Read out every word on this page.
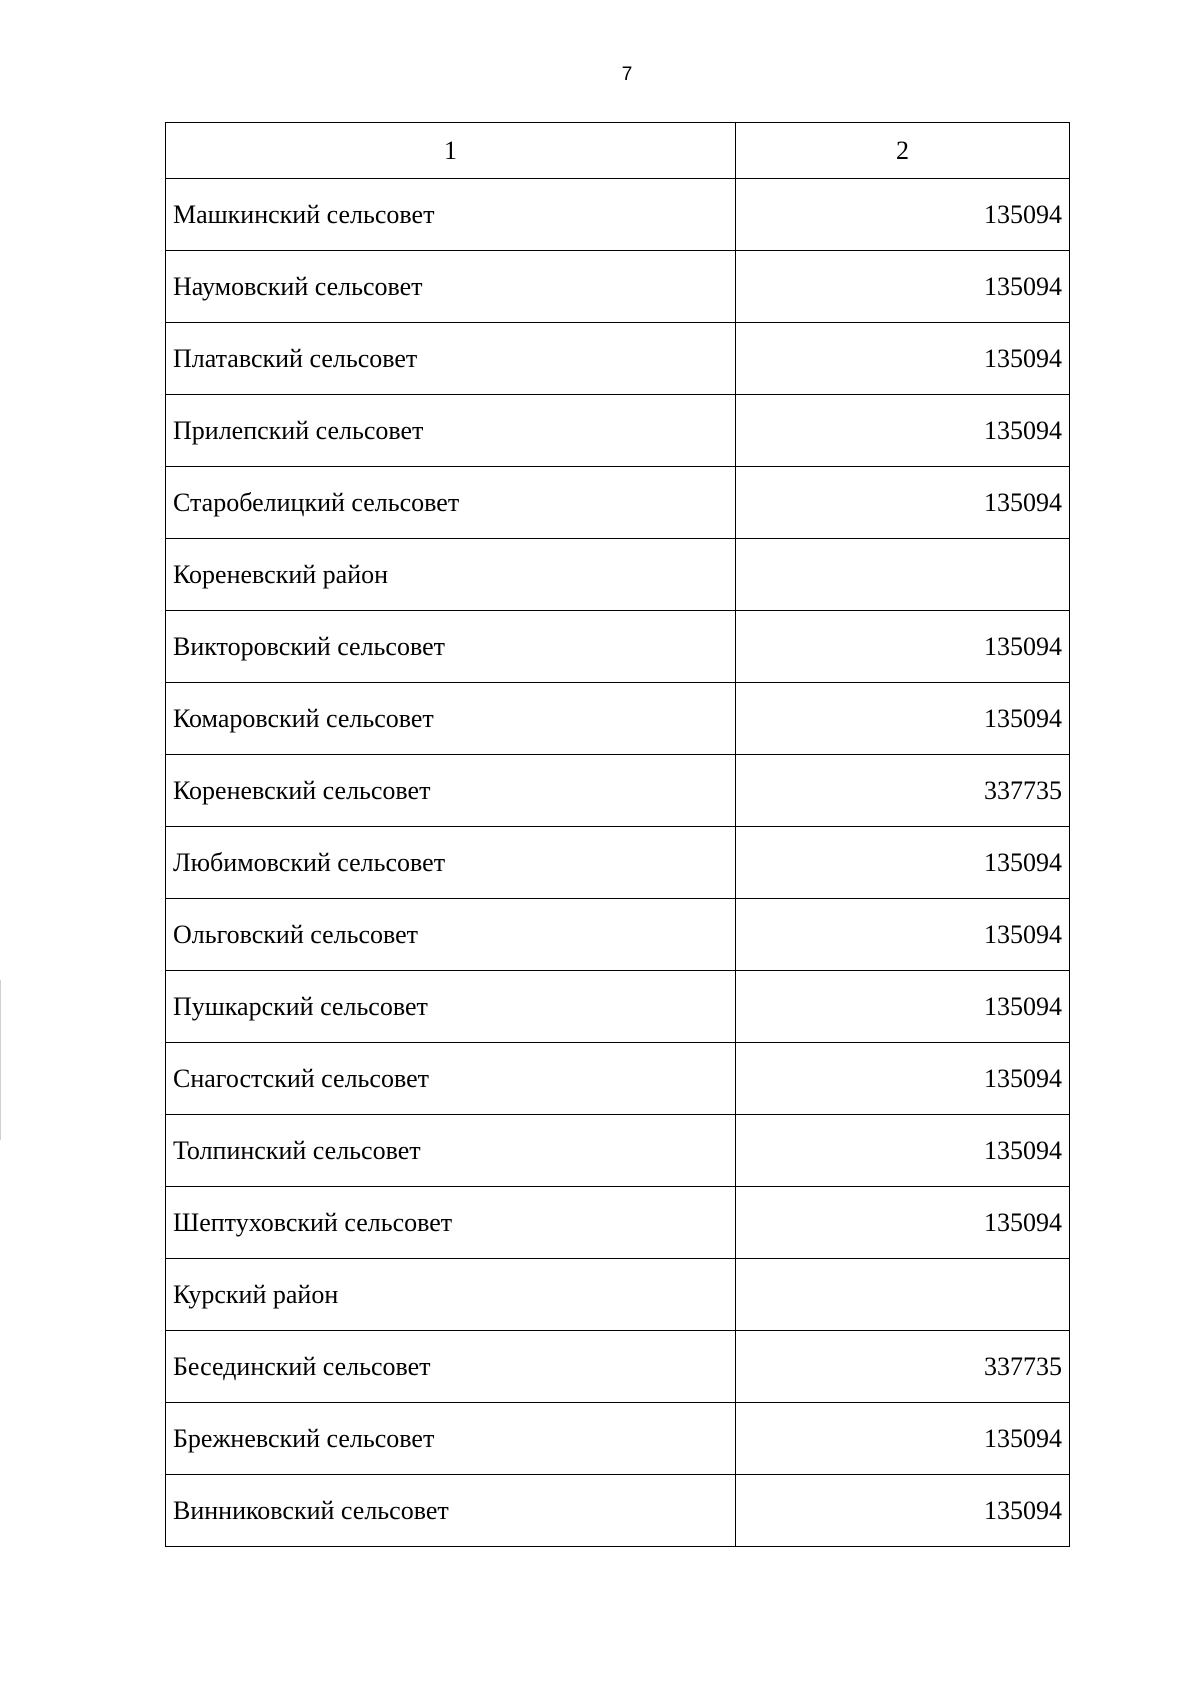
7
1	2
Машкинский сельсовет	135094
Наумовский сельсовет	135094
Платавский сельсовет	135094
Прилепский сельсовет	135094
Старобелицкий сельсовет	135094
Кореневский район	
Викторовский сельсовет	135094
Комаровский сельсовет	135094
Кореневский сельсовет	337735
Любимовский сельсовет	135094
Ольговский сельсовет	135094
Пушкарский сельсовет	135094
Снагостский сельсовет	135094
Толпинский сельсовет	135094
Шептуховский сельсовет	135094
Курский район	
Бесединский сельсовет	337735
Брежневский сельсовет	135094
Винниковский сельсовет	135094
